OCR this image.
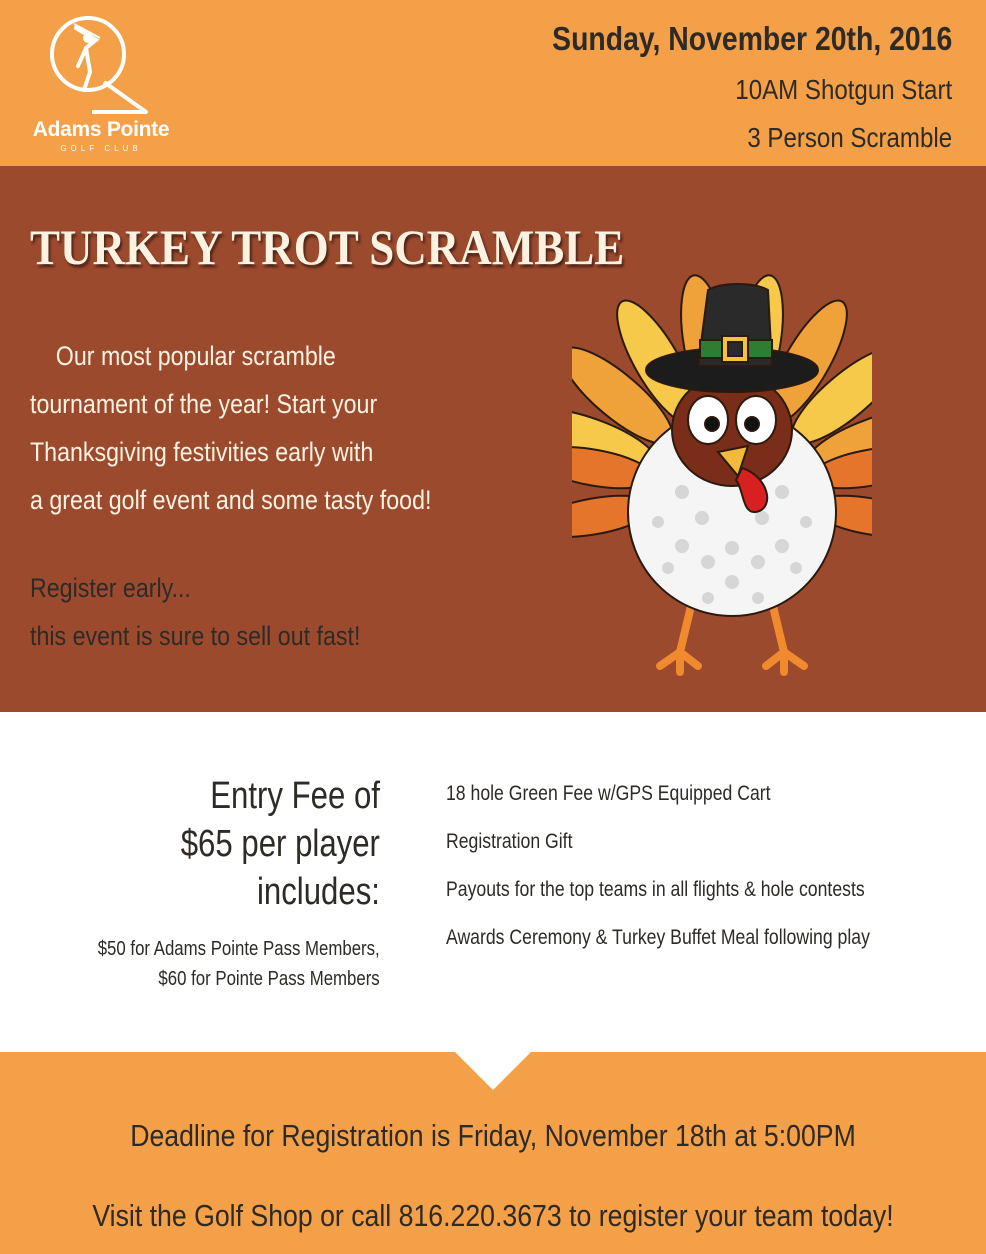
Adams Pointe
GOLF CLUB
Sunday, November 20th, 2016
10AM Shotgun Start
3 Person Scramble
TURKEY TROT SCRAMBLE

Our most popular scramble
tournament of the year! Start your
Thanksgiving festivities early with
a great golf event and some tasty food!

Register early...
this event is sure to sell out fast!

Entry Fee of
$65 per player
includes:
$50 for Adams Pointe Pass Members,
$60 for Pointe Pass Members
18 hole Green Fee w/GPS Equipped Cart
Registration Gift
Payouts for the top teams in all flights & hole contests
Awards Ceremony & Turkey Buffet Meal following play
Deadline for Registration is Friday, November 18th at 5:00PM
Visit the Golf Shop or call 816.220.3673 to register your team today!
